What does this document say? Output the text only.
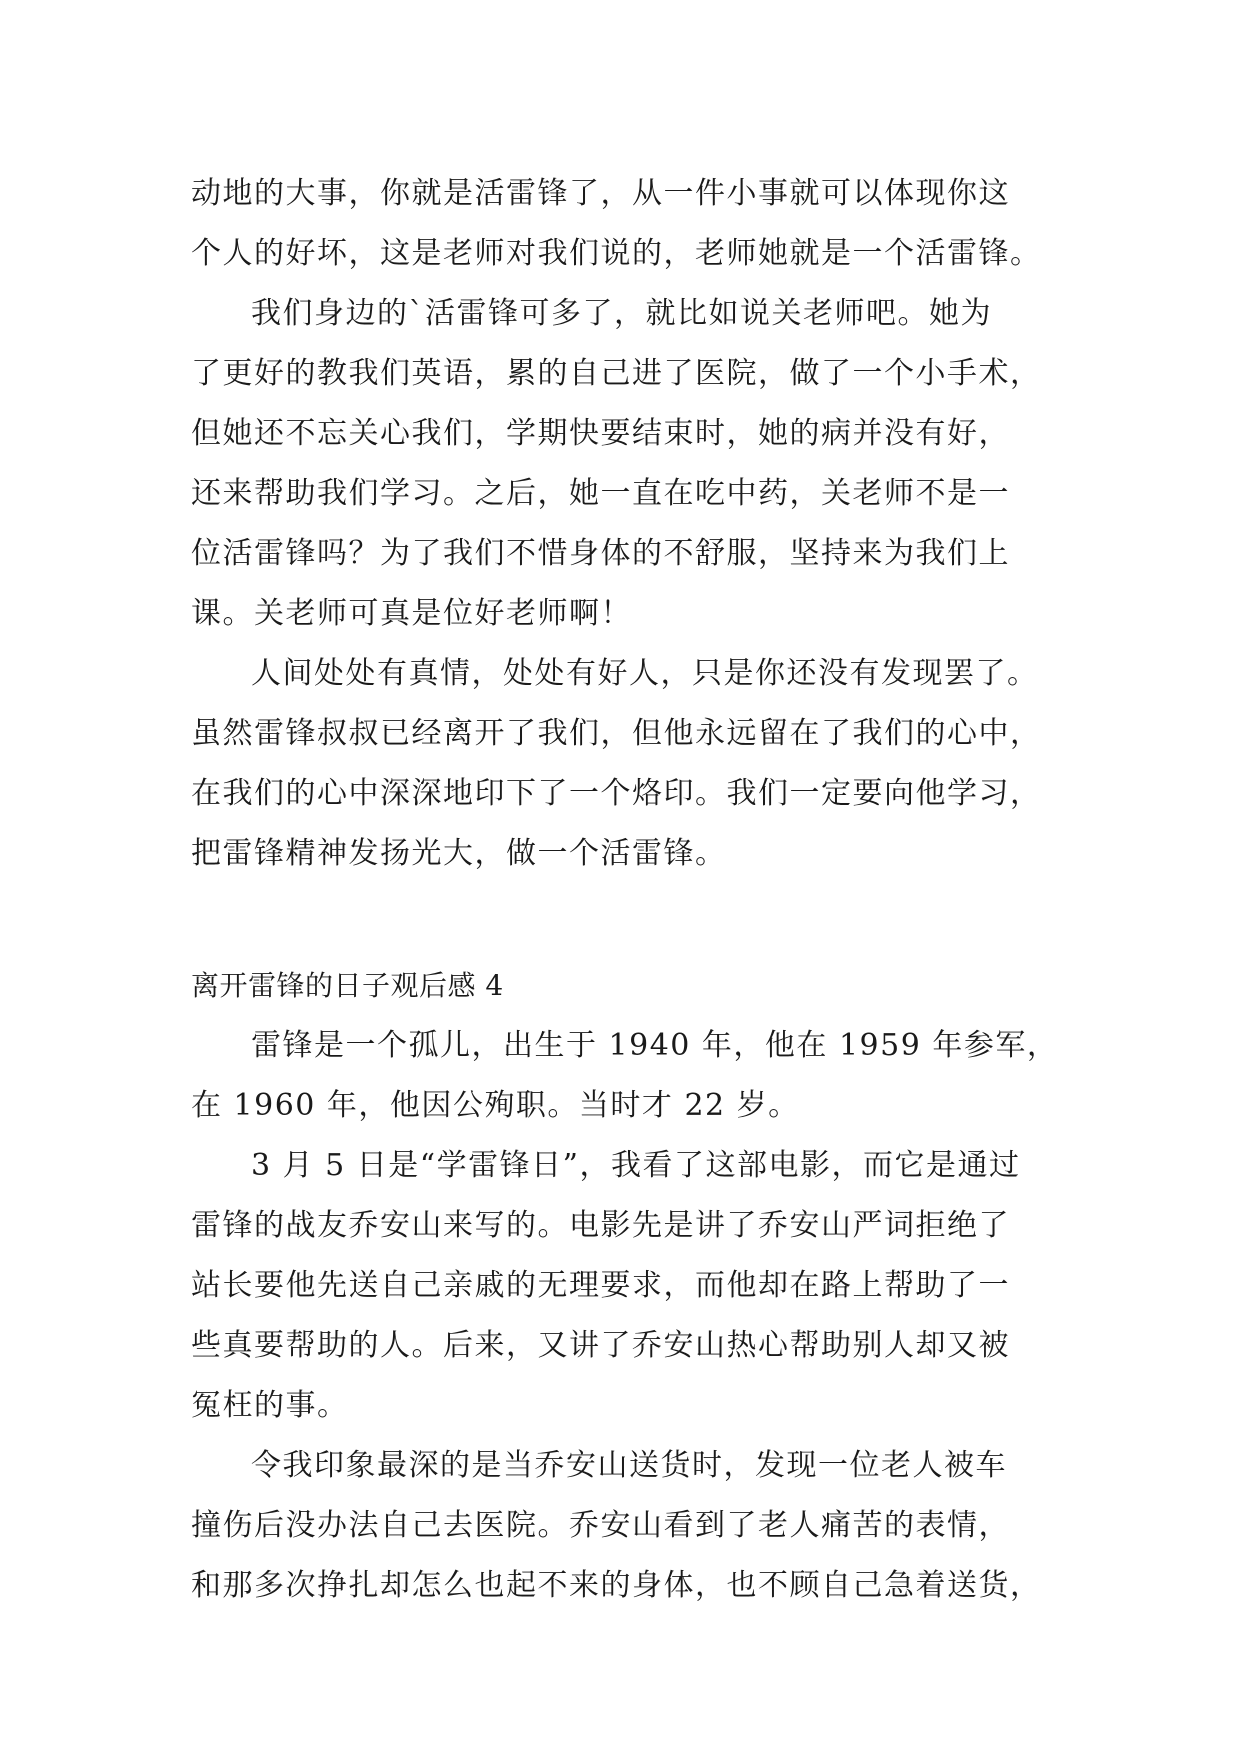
动地的大事，你就是活雷锋了，从一件小事就可以体现你这
个人的好坏，这是老师对我们说的，老师她就是一个活雷锋。
我们身边的`活雷锋可多了，就比如说关老师吧。她为
了更好的教我们英语，累的自己进了医院，做了一个小手术，
但她还不忘关心我们，学期快要结束时，她的病并没有好，
还来帮助我们学习。之后，她一直在吃中药，关老师不是一
位活雷锋吗？为了我们不惜身体的不舒服，坚持来为我们上
课。关老师可真是位好老师啊！
人间处处有真情，处处有好人，只是你还没有发现罢了。
虽然雷锋叔叔已经离开了我们，但他永远留在了我们的心中，
在我们的心中深深地印下了一个烙印。我们一定要向他学习，
把雷锋精神发扬光大，做一个活雷锋。
离开雷锋的日子观后感 4
雷锋是一个孤儿，出生于 1940 年，他在 1959 年参军，
在 1960 年，他因公殉职。当时才 22 岁。
3 月 5 日是“学雷锋日”，我看了这部电影，而它是通过
雷锋的战友乔安山来写的。电影先是讲了乔安山严词拒绝了
站长要他先送自己亲戚的无理要求，而他却在路上帮助了一
些真要帮助的人。后来，又讲了乔安山热心帮助别人却又被
冤枉的事。
令我印象最深的是当乔安山送货时，发现一位老人被车
撞伤后没办法自己去医院。乔安山看到了老人痛苦的表情，
和那多次挣扎却怎么也起不来的身体，也不顾自己急着送货，
